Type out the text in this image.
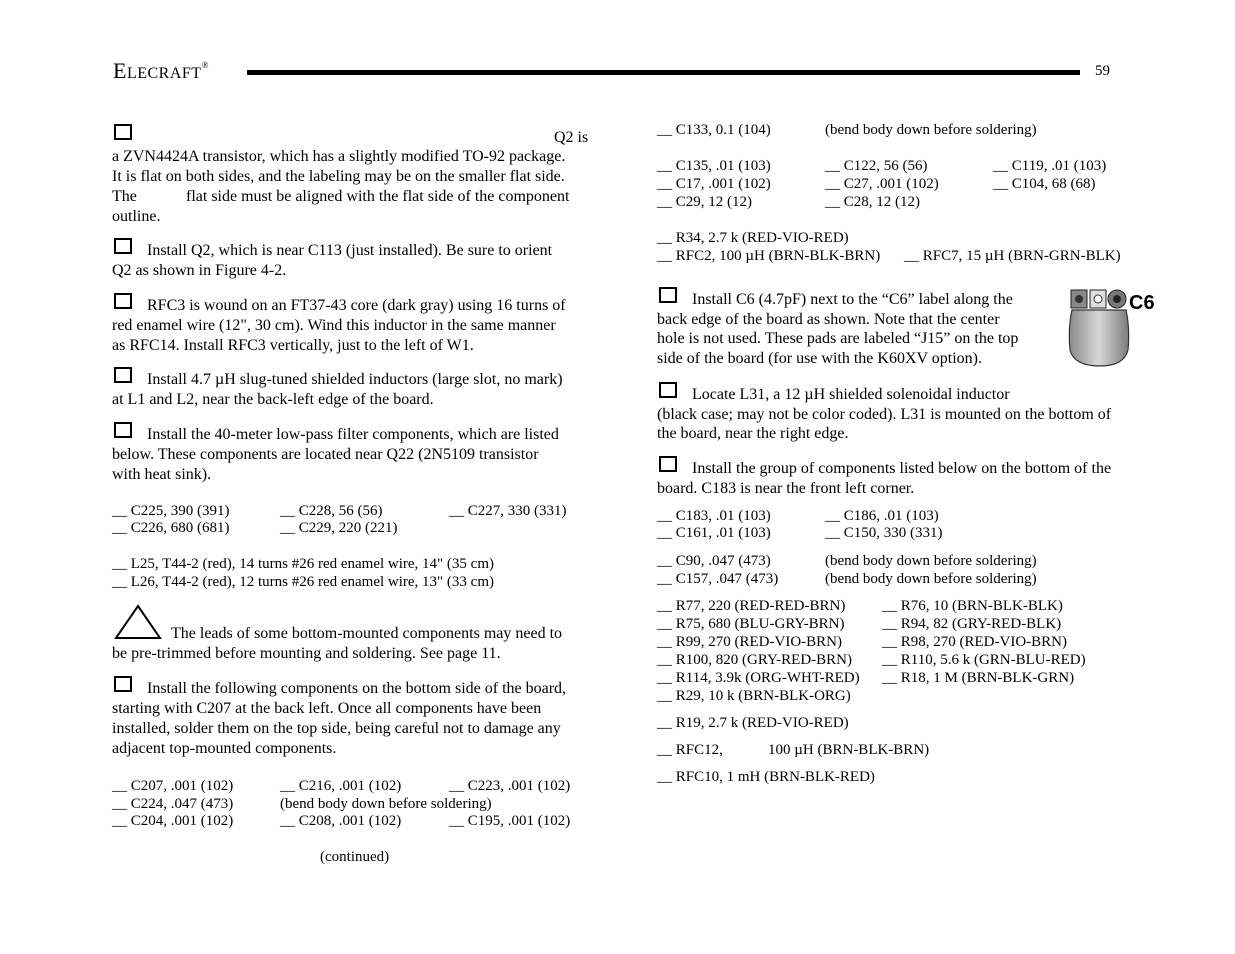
ELECRAFT®	59
Q2 is
a ZVN4424A transistor, which has a slightly modified TO-92 package.
It is flat on both sides, and the labeling may be on the smaller flat side.
The	flat side must be aligned with the flat side of the component
outline.
Install Q2, which is near C113 (just installed). Be sure to orient
Q2 as shown in Figure 4-2.
RFC3 is wound on an FT37-43 core (dark gray) using 16 turns of
red enamel wire (12", 30 cm). Wind this inductor in the same manner
as RFC14. Install RFC3 vertically, just to the left of W1.
Install 4.7 µH slug-tuned shielded inductors (large slot, no mark)
at L1 and L2, near the back-left edge of the board.
Install the 40-meter low-pass filter components, which are listed
below. These components are located near Q22 (2N5109 transistor
with heat sink).
__ C225, 390 (391)	__ C228, 56 (56)	__ C227, 330 (331)
__ C226, 680 (681)	__ C229, 220 (221)
__ L25, T44-2 (red), 14 turns #26 red enamel wire, 14" (35 cm)
__ L26, T44-2 (red), 12 turns #26 red enamel wire, 13" (33 cm)
The leads of some bottom-mounted components may need to
be pre-trimmed before mounting and soldering. See page 11.
Install the following components on the bottom side of the board,
starting with C207 at the back left. Once all components have been
installed, solder them on the top side, being careful not to damage any
adjacent top-mounted components.
__ C207, .001 (102)	__ C216, .001 (102)	__ C223, .001 (102)
__ C224, .047 (473)	(bend body down before soldering)
__ C204, .001 (102)	__ C208, .001 (102)	__ C195, .001 (102)
(continued)
__ C133, 0.1 (104)	(bend body down before soldering)
__ C135, .01 (103)	__ C122, 56 (56)	__ C119, .01 (103)
__ C17, .001 (102)	__ C27, .001 (102)	__ C104, 68 (68)
__ C29, 12 (12)	__ C28, 12 (12)
__ R34, 2.7 k (RED-VIO-RED)
__ RFC2, 100 µH (BRN-BLK-BRN) __ RFC7, 15 µH (BRN-GRN-BLK)
Install C6 (4.7pF) next to the “C6” label along the
back edge of the board as shown. Note that the center
hole is not used. These pads are labeled “J15” on the top
side of the board (for use with the K60XV option).
C6
Locate L31, a 12 µH shielded solenoidal inductor
(black case; may not be color coded). L31 is mounted on the bottom of
the board, near the right edge.
Install the group of components listed below on the bottom of the
board. C183 is near the front left corner.
__ C183, .01 (103)	__ C186, .01 (103)
__ C161, .01 (103)	__ C150, 330 (331)
__ C90, .047 (473)	(bend body down before soldering)
__ C157, .047 (473)	(bend body down before soldering)
__ R77, 220 (RED-RED-BRN) __ R76, 10 (BRN-BLK-BLK)
__ R75, 680 (BLU-GRY-BRN) __ R94, 82 (GRY-RED-BLK)
__ R99, 270 (RED-VIO-BRN)	__ R98, 270 (RED-VIO-BRN)
__ R100, 820 (GRY-RED-BRN) __ R110, 5.6 k (GRN-BLU-RED)
__ R114, 3.9k (ORG-WHT-RED) __ R18, 1 M (BRN-BLK-GRN)
__ R29, 10 k (BRN-BLK-ORG)
__ R19, 2.7 k (RED-VIO-RED)
__ RFC12,	100 µH (BRN-BLK-BRN)
__ RFC10, 1 mH (BRN-BLK-RED)
